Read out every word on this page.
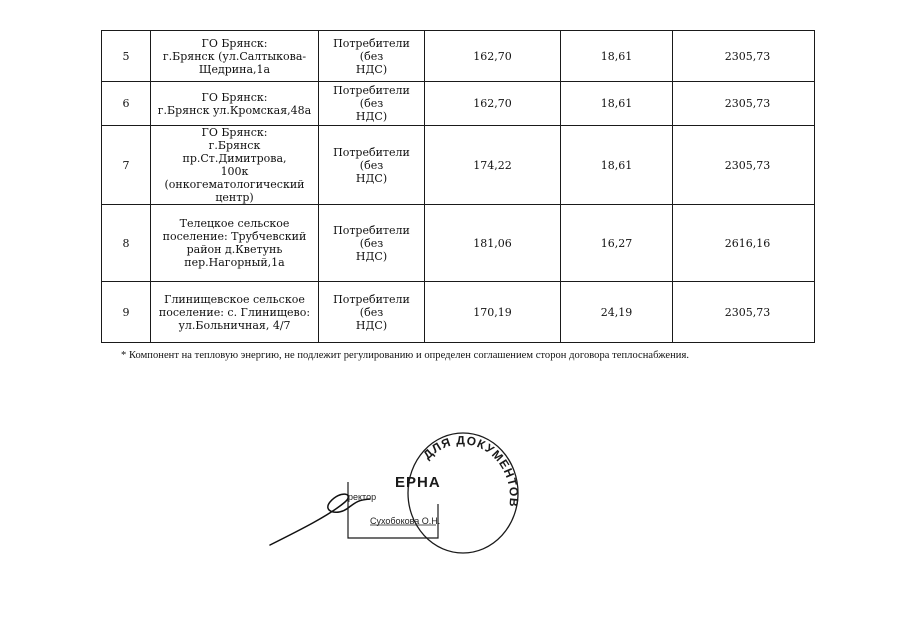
5	ГО Брянск:
г.Брянск (ул.Салтыкова-
Щедрина,1а	Потребители (без
НДС)	162,70	18,61	2305,73
6	ГО Брянск:
г.Брянск ул.Кромская,48а	Потребители (без
НДС)	162,70	18,61	2305,73
7	ГО Брянск:
г.Брянск пр.Ст.Димитрова,
100к (онкогематологический
центр)	Потребители (без
НДС)	174,22	18,61	2305,73
8	Телецкое сельское
поселение: Трубчевский
район д.Кветунь
пер.Нагорный,1а	Потребители (без
НДС)	181,06	16,27	2616,16
9	Глинищевское сельское
поселение: с. Глинищево:
ул.Больничная, 4/7	Потребители (без
НДС)	170,19	24,19	2305,73
* Компонент на тепловую энергию, не подлежит регулированию и определен соглашением сторон договора теплоснабжения.
ДЛЯ ДОКУМЕНТОВ
ЕРНА
ректор
Сухобокова О.Н.
